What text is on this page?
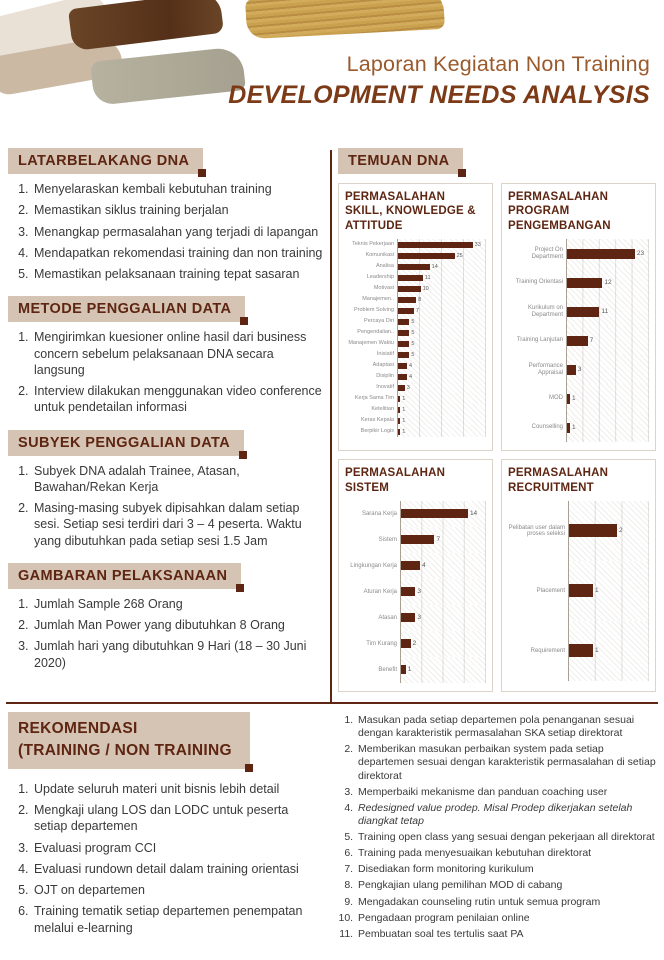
Laporan Kegiatan Non Training
DEVELOPMENT NEEDS ANALYSIS
LATARBELAKANG DNA
1. Menyelaraskan kembali kebutuhan training
2. Memastikan siklus training berjalan
3. Menangkap permasalahan yang terjadi di lapangan
4. Mendapatkan rekomendasi training dan non training
5. Memastikan pelaksanaan training tepat sasaran
METODE PENGGALIAN DATA
1. Mengirimkan kuesioner online hasil dari business concern sebelum pelaksanaan DNA secara langsung
2. Interview dilakukan menggunakan video conference untuk pendetailan informasi
SUBYEK PENGGALIAN DATA
1. Subyek DNA adalah Trainee, Atasan, Bawahan/Rekan Kerja
2. Masing-masing subyek dipisahkan dalam setiap sesi. Setiap sesi terdiri dari 3 – 4 peserta. Waktu yang dibutuhkan pada setiap sesi 1.5 Jam
GAMBARAN PELAKSANAAN
1. Jumlah Sample 268 Orang
2. Jumlah Man Power yang dibutuhkan 8 Orang
3. Jumlah hari yang dibutuhkan 9 Hari (18 – 30 Juni 2020)
TEMUAN DNA
PERMASALAHAN SKILL, KNOWLEDGE & ATTITUDE
Teknis Pekerjaan	33
Komunikasi	25
Analisa	14
Leadership	11
Motivasi	10
Manajemen..	8
Problem Solving	7
Percaya Diri	5
Pengendalian..	5
Manajemen Waktu	5
Inisiatif	5
Adaptasi	4
Disiplin	4
Inovatif	3
Kerja Sama Tim	1
Ketelitian	1
Keras Kepala	1
Berpikir Logis	1
PERMASALAHAN PROGRAM PENGEMBANGAN
Project On Department	23
Training Orientasi	12
Kurikulum on Department	11
Training Lanjutan	7
Performance Appraisal	3
MOD	1
Counselling	1
PERMASALAHAN SISTEM
Sarana Kerja	14
Sistem	7
Lingkungan Kerja	4
Aturan Kerja	3
Atasan	3
Tim Kurang	2
Benefit	1
PERMASALAHAN RECRUITMENT
Pelibatan user dalam proses seleksi	2
Placement	1
Requirement	1
REKOMENDASI
(TRAINING / NON TRAINING
1. Update seluruh materi unit bisnis lebih detail
2. Mengkaji ulang LOS dan LODC untuk peserta setiap departemen
3. Evaluasi program CCI
4. Evaluasi rundown detail dalam training orientasi
5. OJT on departemen
6. Training tematik setiap departemen penempatan melalui e-learning
1. Masukan pada setiap departemen pola penanganan sesuai dengan karakteristik permasalahan SKA setiap direktorat
2. Memberikan masukan perbaikan system pada setiap departemen sesuai dengan karakteristik permasalahan di setiap direktorat
3. Memperbaiki mekanisme dan panduan coaching user
4. Redesigned value prodep. Misal Prodep dikerjakan setelah diangkat tetap
5. Training open class yang sesuai dengan pekerjaan all direktorat
6. Training pada menyesuaikan kebutuhan direktorat
7. Disediakan form monitoring kurikulum
8. Pengkajian ulang pemilihan MOD di cabang
9. Mengadakan counseling rutin untuk semua program
10. Pengadaan program penilaian online
11. Pembuatan soal tes tertulis saat PA
